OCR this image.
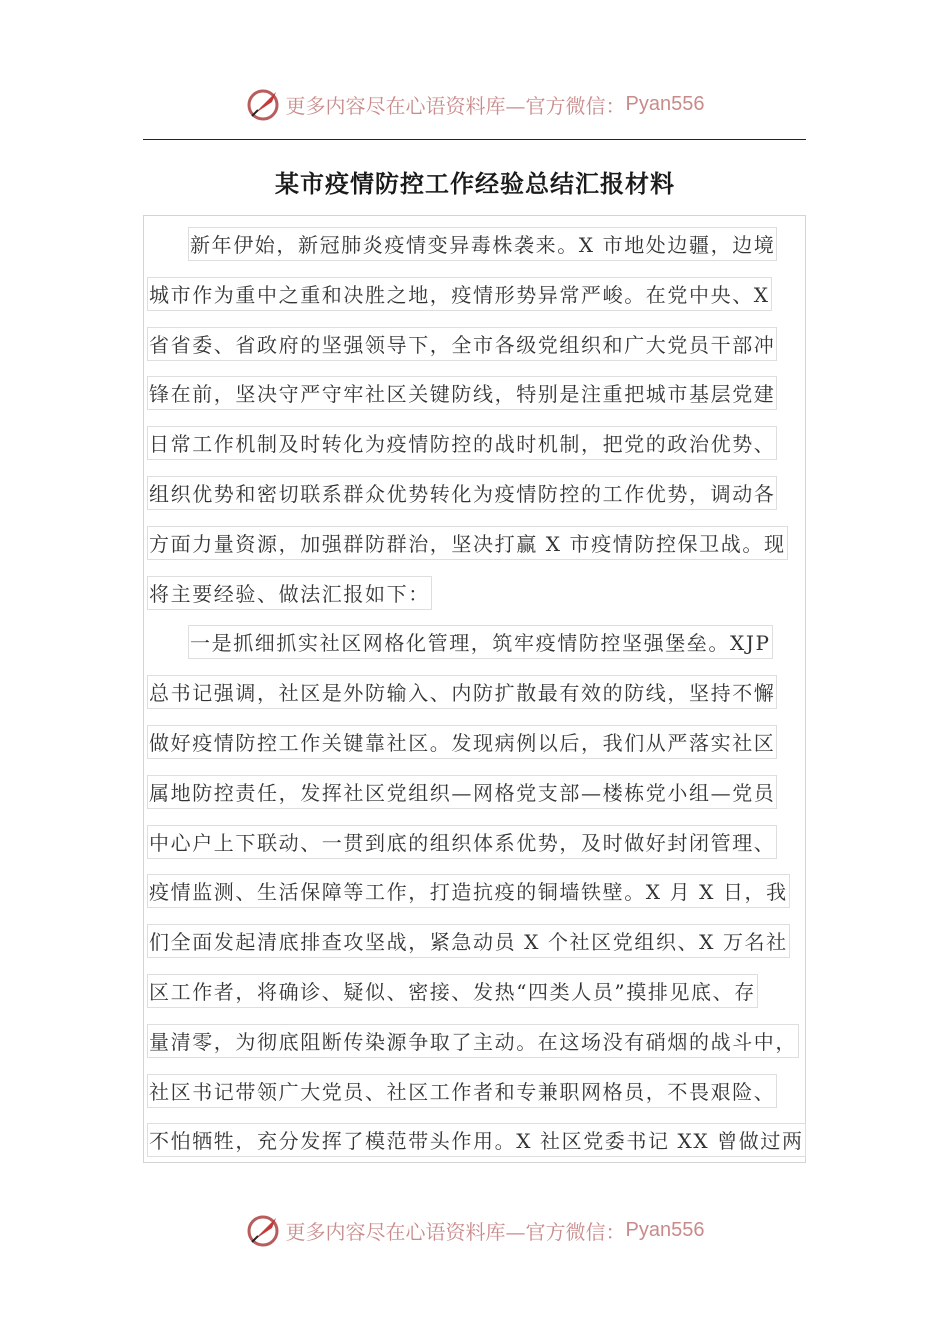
更多内容尽在心语资料库—官方微信： Pyan556
某市疫情防控工作经验总结汇报材料
新年伊始，新冠肺炎疫情变异毒株袭来。X 市地处边疆，边境
城市作为重中之重和决胜之地，疫情形势异常严峻。在党中央、X
省省委、省政府的坚强领导下，全市各级党组织和广大党员干部冲
锋在前，坚决守严守牢社区关键防线，特别是注重把城市基层党建
日常工作机制及时转化为疫情防控的战时机制，把党的政治优势、
组织优势和密切联系群众优势转化为疫情防控的工作优势，调动各
方面力量资源，加强群防群治，坚决打赢 X 市疫情防控保卫战。现
将主要经验、做法汇报如下：
一是抓细抓实社区网格化管理，筑牢疫情防控坚强堡垒。XJP
总书记强调，社区是外防输入、内防扩散最有效的防线，坚持不懈
做好疫情防控工作关键靠社区。发现病例以后，我们从严落实社区
属地防控责任，发挥社区党组织—网格党支部—楼栋党小组—党员
中心户上下联动、一贯到底的组织体系优势，及时做好封闭管理、
疫情监测、生活保障等工作，打造抗疫的铜墙铁壁。X 月 X 日，我
们全面发起清底排查攻坚战，紧急动员 X 个社区党组织、X 万名社
区工作者，将确诊、疑似、密接、发热“四类人员”摸排见底、存
量清零，为彻底阻断传染源争取了主动。在这场没有硝烟的战斗中，
社区书记带领广大党员、社区工作者和专兼职网格员，不畏艰险、
不怕牺牲，充分发挥了模范带头作用。X 社区党委书记 XX 曾做过两
更多内容尽在心语资料库—官方微信： Pyan556
